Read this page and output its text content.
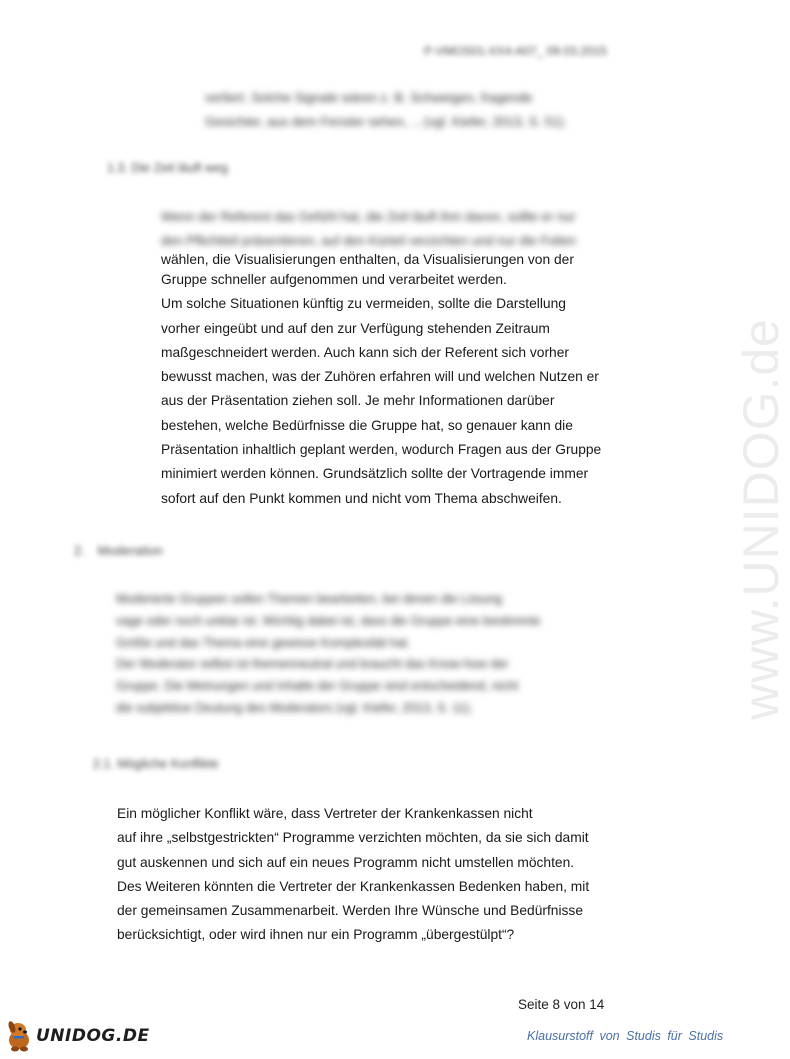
P-VMOS01-XX4-A07_ 09.03.2015
verliert. Solche Signale wären z. B. Schweigen, fragende
Gesichter, aus dem Fenster sehen, …(vgl. Kiefer, 2013, S. 51).
1.3. Die Zeit läuft weg
Wenn der Referent das Gefühl hat, die Zeit läuft ihm davon, sollte er nur
den Pflichtteil präsentieren, auf den Kürteil verzichten und nur die Folien
wählen, die Visualisierungen enthalten, da Visualisierungen von der
Gruppe schneller aufgenommen und verarbeitet werden.
Um solche Situationen künftig zu vermeiden, sollte die Darstellung
vorher eingeübt und auf den zur Verfügung stehenden Zeitraum
maßgeschneidert werden. Auch kann sich der Referent sich vorher
bewusst machen, was der Zuhören erfahren will und welchen Nutzen er
aus der Präsentation ziehen soll. Je mehr Informationen darüber
bestehen, welche Bedürfnisse die Gruppe hat, so genauer kann die
Präsentation inhaltlich geplant werden, wodurch Fragen aus der Gruppe
minimiert werden können. Grundsätzlich sollte der Vortragende immer
sofort auf den Punkt kommen und nicht vom Thema abschweifen.
2. Moderation
Moderierte Gruppen sollen Themen bearbeiten, bei denen die Lösung
vage oder noch unklar ist. Wichtig dabei ist, dass die Gruppe eine bestimmte
Größe und das Thema eine gewisse Komplexität hat.
Der Moderator selbst ist themenneutral und braucht das Know-how der
Gruppe. Die Meinungen und Inhalte der Gruppe sind entscheidend, nicht
die subjektive Deutung des Moderators (vgl. Kiefer, 2013, S. 11).
2.1. Mögliche Konflikte
Ein möglicher Konflikt wäre, dass Vertreter der Krankenkassen nicht
auf ihre „selbstgestrickten“ Programme verzichten möchten, da sie sich damit
gut auskennen und sich auf ein neues Programm nicht umstellen möchten.
Des Weiteren könnten die Vertreter der Krankenkassen Bedenken haben, mit
der gemeinsamen Zusammenarbeit. Werden Ihre Wünsche und Bedürfnisse
berücksichtigt, oder wird ihnen nur ein Programm „übergestülpt“?
Seite 8 von 14
UNIDOG.DE	Klausurstoff von Studis für Studis
www.UNIDOG.de
